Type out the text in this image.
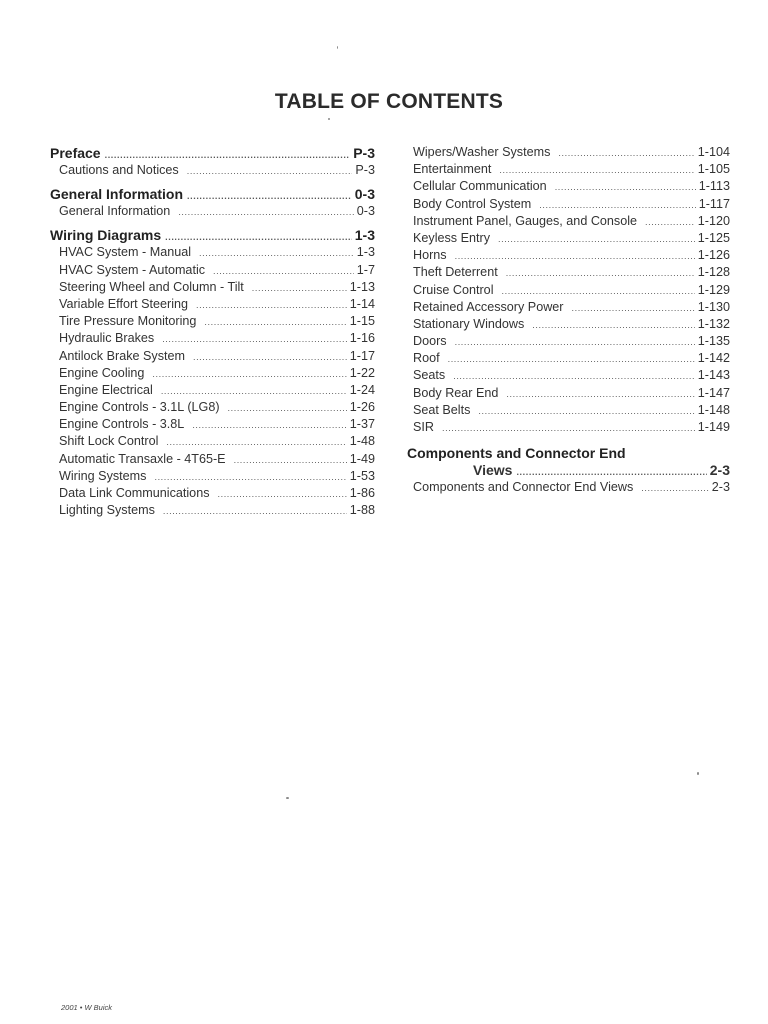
TABLE OF CONTENTS
Preface .....	P-3
Cautions and Notices .....	P-3
General Information .....	0-3
General Information .....	0-3
Wiring Diagrams .....	1-3
HVAC System - Manual .....	1-3
HVAC System - Automatic .....	1-7
Steering Wheel and Column - Tilt .....	1-13
Variable Effort Steering .....	1-14
Tire Pressure Monitoring .....	1-15
Hydraulic Brakes .....	1-16
Antilock Brake System .....	1-17
Engine Cooling .....	1-22
Engine Electrical .....	1-24
Engine Controls - 3.1L (LG8) .....	1-26
Engine Controls - 3.8L .....	1-37
Shift Lock Control .....	1-48
Automatic Transaxle - 4T65-E .....	1-49
Wiring Systems .....	1-53
Data Link Communications .....	1-86
Lighting Systems .....	1-88
Wipers/Washer Systems .....	1-104
Entertainment .....	1-105
Cellular Communication .....	1-113
Body Control System .....	1-117
Instrument Panel, Gauges, and Console .....	1-120
Keyless Entry .....	1-125
Horns .....	1-126
Theft Deterrent .....	1-128
Cruise Control .....	1-129
Retained Accessory Power .....	1-130
Stationary Windows .....	1-132
Doors .....	1-135
Roof .....	1-142
Seats .....	1-143
Body Rear End .....	1-147
Seat Belts .....	1-148
SIR .....	1-149
Components and Connector End
Views .....	2-3
Components and Connector End Views .....	2-3
2001 • W Buick
